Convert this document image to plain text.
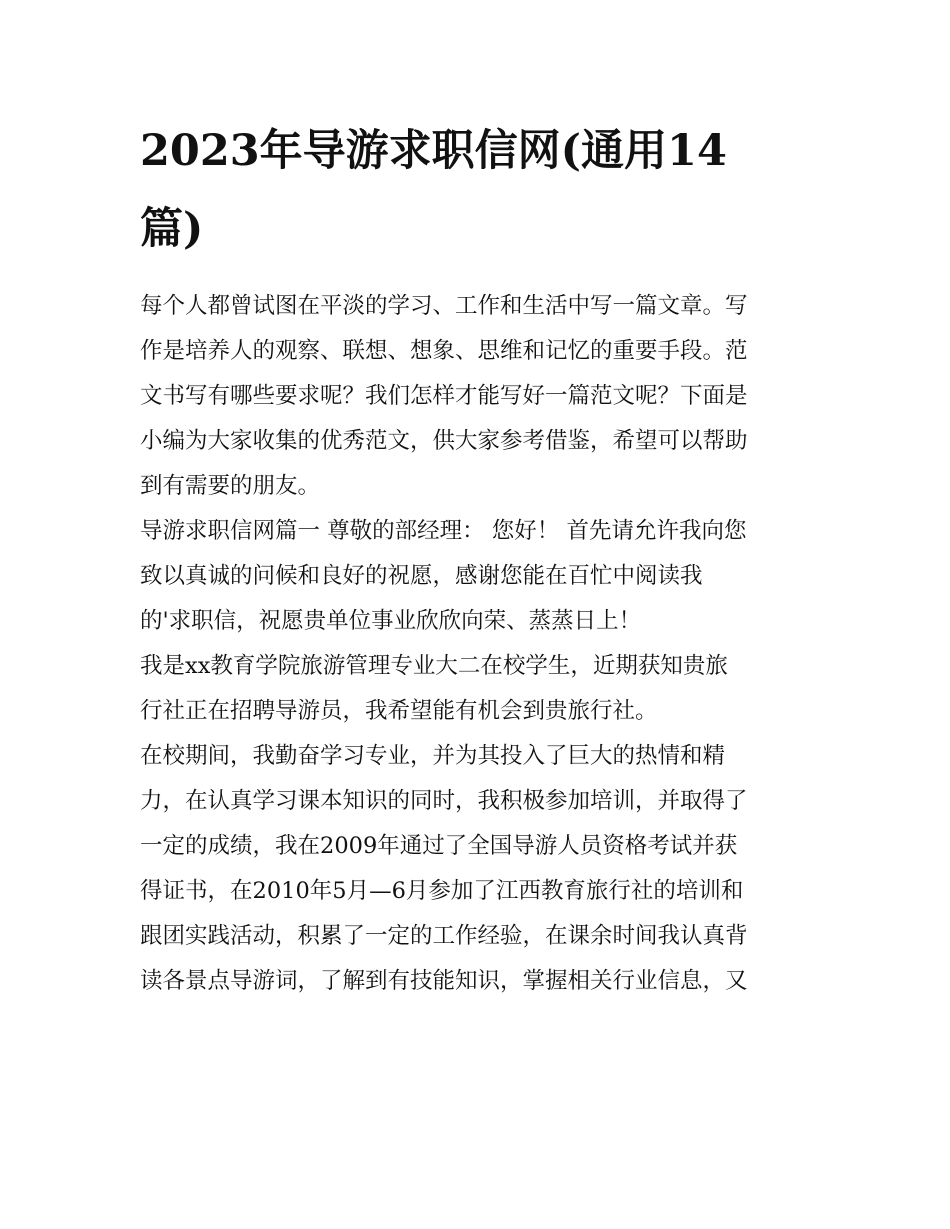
2023年导游求职信网(通用14
篇)

每个人都曾试图在平淡的学习、工作和生活中写一篇文章。写
作是培养人的观察、联想、想象、思维和记忆的重要手段。范
文书写有哪些要求呢？我们怎样才能写好一篇范文呢？下面是
小编为大家收集的优秀范文，供大家参考借鉴，希望可以帮助
到有需要的朋友。

导游求职信网篇一 尊敬的部经理： 您好！ 首先请允许我向您
致以真诚的问候和良好的祝愿，感谢您能在百忙中阅读我
的'求职信，祝愿贵单位事业欣欣向荣、蒸蒸日上！

我是xx教育学院旅游管理专业大二在校学生，近期获知贵旅
行社正在招聘导游员，我希望能有机会到贵旅行社。

在校期间，我勤奋学习专业，并为其投入了巨大的热情和精
力，在认真学习课本知识的同时，我积极参加培训，并取得了
一定的成绩，我在2009年通过了全国导游人员资格考试并获
得证书，在2010年5月—6月参加了江西教育旅行社的培训和
跟团实践活动，积累了一定的工作经验，在课余时间我认真背
读各景点导游词，了解到有技能知识，掌握相关行业信息，又
